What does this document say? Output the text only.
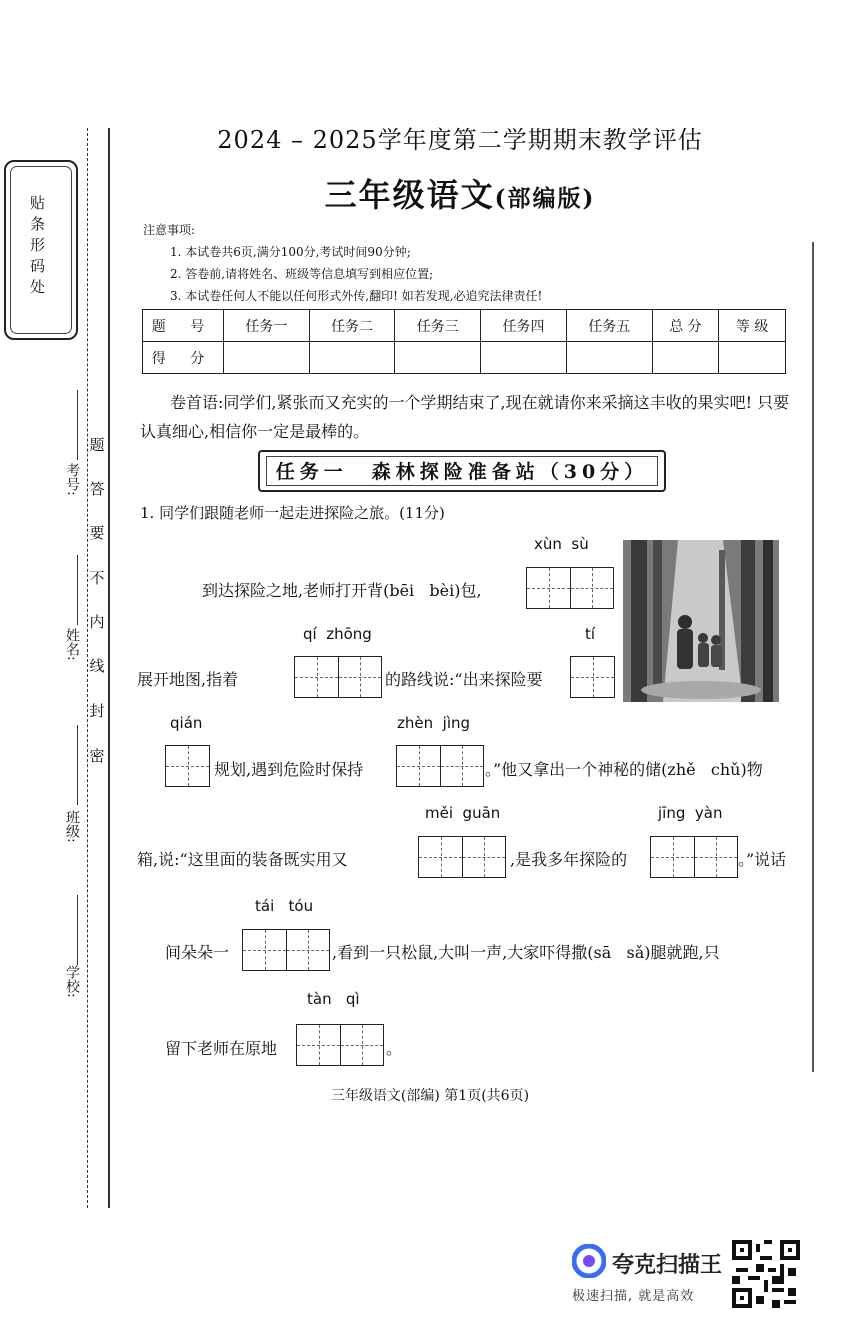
贴条形码处
考号:
姓名:
班级:
学校:
密
封
线
内
不
要
答
题
2024 – 2025学年度第二学期期末教学评估
三年级语文(部编版)
注意事项:
1. 本试卷共6页,满分100分,考试时间90分钟;
2. 答卷前,请将姓名、班级等信息填写到相应位置;
3. 本试卷任何人不能以任何形式外传,翻印! 如若发现,必追究法律责任!
题 号	任务一	任务二	任务三	任务四	任务五	总 分	等 级
得 分							
卷首语:同学们,紧张而又充实的一个学期结束了,现在就请你来采摘这丰收的果实吧! 只要认真细心,相信你一定是最棒的。
任务一　森林探险准备站（30分）
1. 同学们跟随老师一起走进探险之旅。(11分)
xùn  sù
到达探险之地,老师打开背(bēi   bèi)包,
qí  zhōng	tí
展开地图,指着	的路线说:“出来探险要
qián	zhèn  jìng
规划,遇到危险时保持	。”他又拿出一个神秘的储(zhě   chǔ)物
měi  guān	jīng  yàn
箱,说:“这里面的装备既实用又	,是我多年探险的	。”说话
tái   tóu
间朵朵一	,看到一只松鼠,大叫一声,大家吓得撒(sā   sǎ)腿就跑,只
tàn   qì
留下老师在原地	。
三年级语文(部编) 第1页(共6页)
夸克扫描王
极速扫描, 就是高效
